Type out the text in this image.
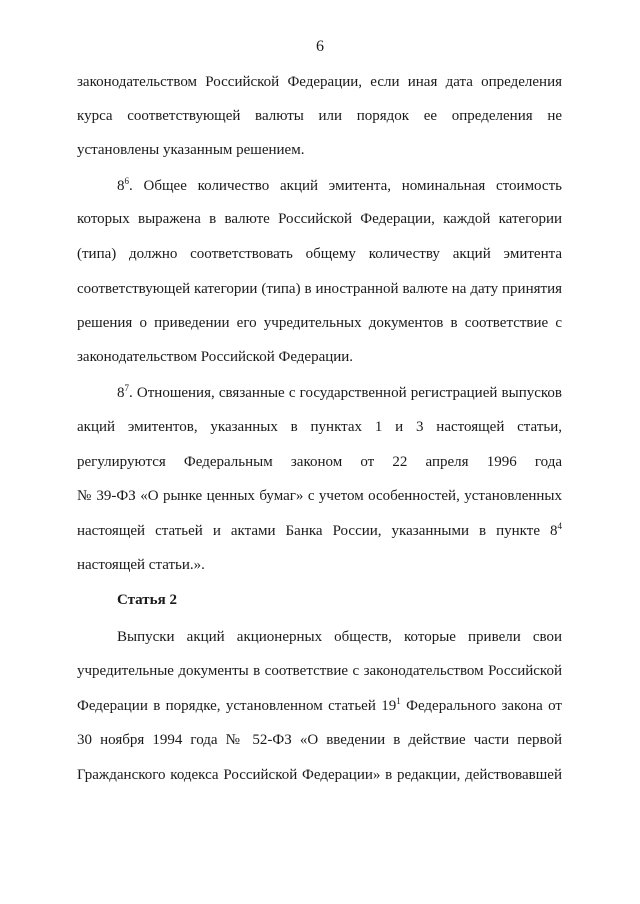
6
законодательством Российской Федерации, если иная дата определения
курса соответствующей валюты или порядок ее определения не
установлены указанным решением.
$8^6$. Общее количество акций эмитента, номинальная стоимость
которых выражена в валюте Российской Федерации, каждой категории
(типа) должно соответствовать общему количеству акций эмитента
соответствующей категории (типа) в иностранной валюте на дату принятия
решения о приведении его учредительных документов в соответствие с
законодательством Российской Федерации.
$8^7$. Отношения, связанные с государственной регистрацией выпусков
акций эмитентов, указанных в пунктах 1 и 3 настоящей статьи,
регулируются Федеральным законом от 22 апреля 1996 года
№ 39-ФЗ «О рынке ценных бумаг» с учетом особенностей, установленных
настоящей статьей и актами Банка России, указанными в пункте $8^4$
настоящей статьи.».
Статья 2
Выпуски акций акционерных обществ, которые привели свои
учредительные документы в соответствие с законодательством Российской
Федерации в порядке, установленном статьей $19^1$ Федерального закона от
30 ноября 1994 года № 52-ФЗ «О введении в действие части первой
Гражданского кодекса Российской Федерации» в редакции, действовавшей
